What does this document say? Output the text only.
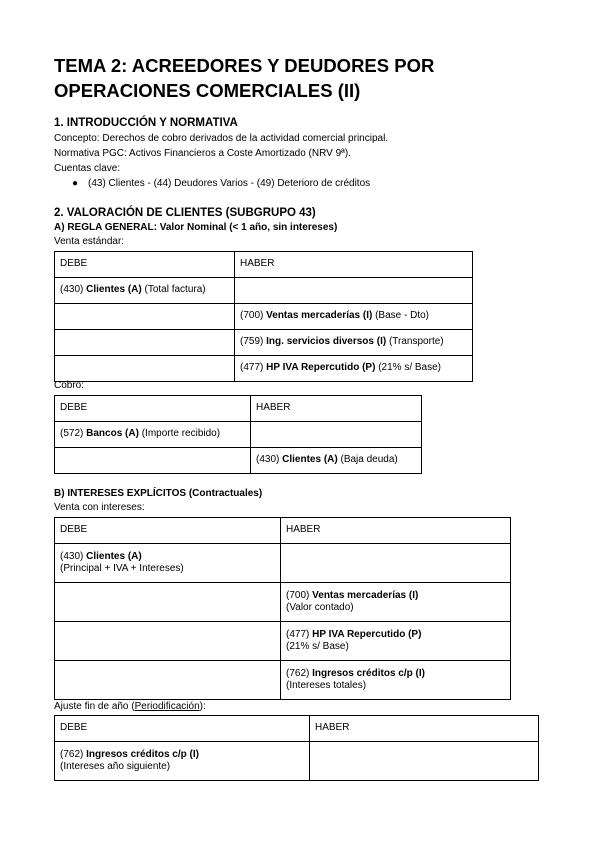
TEMA 2: ACREEDORES Y DEUDORES POR
OPERACIONES COMERCIALES (II)
1. INTRODUCCIÓN Y NORMATIVA
Concepto: Derechos de cobro derivados de la actividad comercial principal.
Normativa PGC: Activos Financieros a Coste Amortizado (NRV 9ª).
Cuentas clave:
● (43) Clientes - (44) Deudores Varios - (49) Deterioro de créditos
2. VALORACIÓN DE CLIENTES (SUBGRUPO 43)
A) REGLA GENERAL: Valor Nominal (< 1 año, sin intereses)
Venta estándar:
DEBE	HABER
(430) Clientes (A) (Total factura)	
	(700) Ventas mercaderías (I) (Base - Dto)
	(759) Ing. servicios diversos (I) (Transporte)
	(477) HP IVA Repercutido (P) (21% s/ Base)
Cobro:
DEBE	HABER
(572) Bancos (A) (Importe recibido)	
	(430) Clientes (A) (Baja deuda)
B) INTERESES EXPLÍCITOS (Contractuales)
Venta con intereses:
DEBE	HABER
(430) Clientes (A)
(Principal + IVA + Intereses)	
	(700) Ventas mercaderías (I)
(Valor contado)
	(477) HP IVA Repercutido (P)
(21% s/ Base)
	(762) Ingresos créditos c/p (I)
(Intereses totales)
Ajuste fin de año (Periodificación):
DEBE	HABER
(762) Ingresos créditos c/p (I)
(Intereses año siguiente)	
